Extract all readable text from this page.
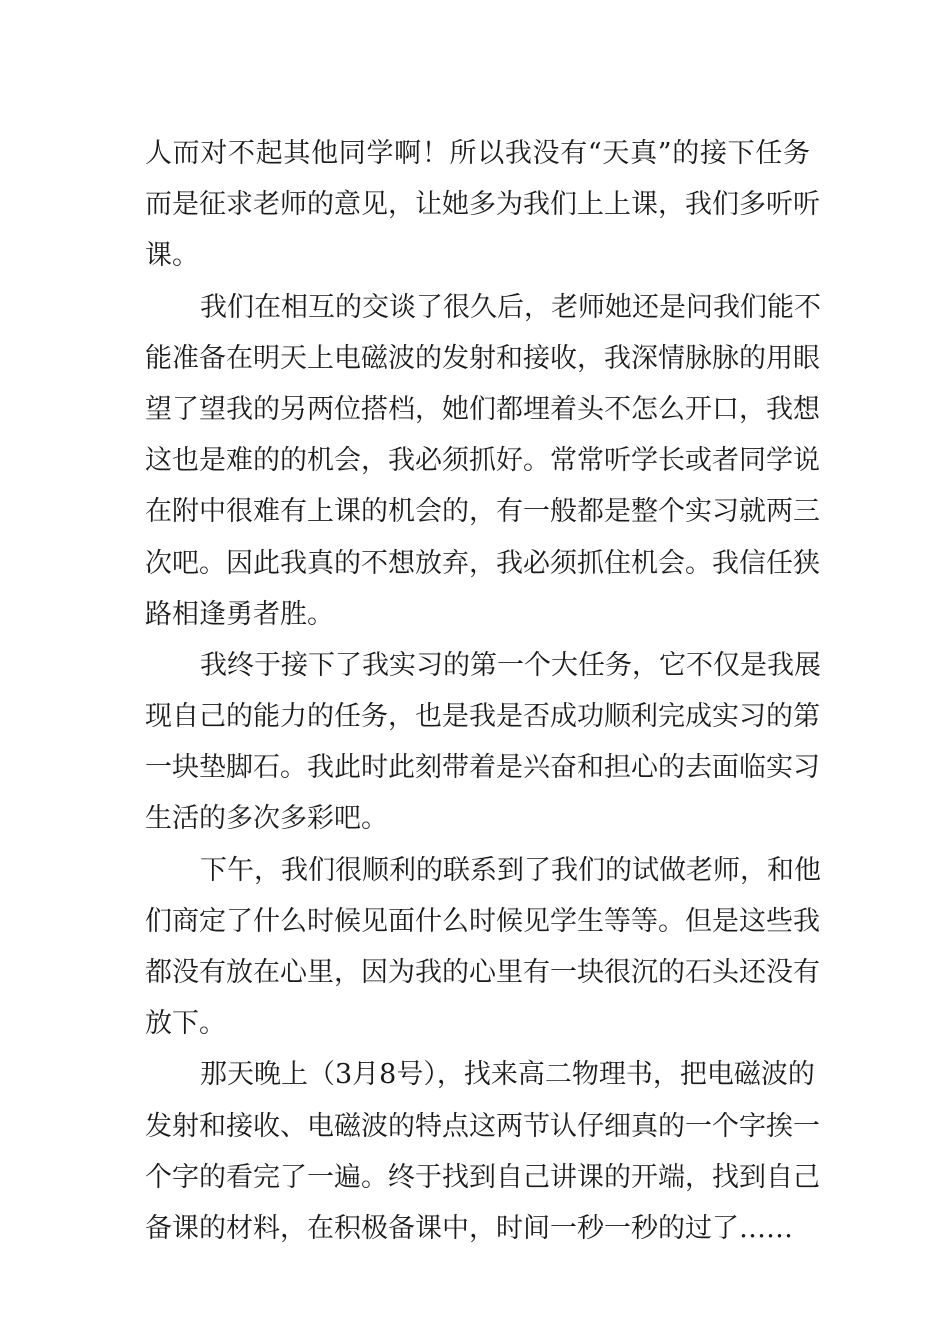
人而对不起其他同学啊！所以我没有“天真”的接下任务
而是征求老师的意见，让她多为我们上上课，我们多听听
课。
我们在相互的交谈了很久后，老师她还是问我们能不
能准备在明天上电磁波的发射和接收，我深情脉脉的用眼
望了望我的另两位搭档，她们都埋着头不怎么开口，我想
这也是难的的机会，我必须抓好。常常听学长或者同学说
在附中很难有上课的机会的，有一般都是整个实习就两三
次吧。因此我真的不想放弃，我必须抓住机会。我信任狭
路相逢勇者胜。
我终于接下了我实习的第一个大任务，它不仅是我展
现自己的能力的任务，也是我是否成功顺利完成实习的第
一块垫脚石。我此时此刻带着是兴奋和担心的去面临实习
生活的多次多彩吧。
下午，我们很顺利的联系到了我们的试做老师，和他
们商定了什么时候见面什么时候见学生等等。但是这些我
都没有放在心里，因为我的心里有一块很沉的石头还没有
放下。
那天晚上（3月8号），找来高二物理书，把电磁波的
发射和接收、电磁波的特点这两节认仔细真的一个字挨一
个字的看完了一遍。终于找到自己讲课的开端，找到自己
备课的材料，在积极备课中，时间一秒一秒的过了……
